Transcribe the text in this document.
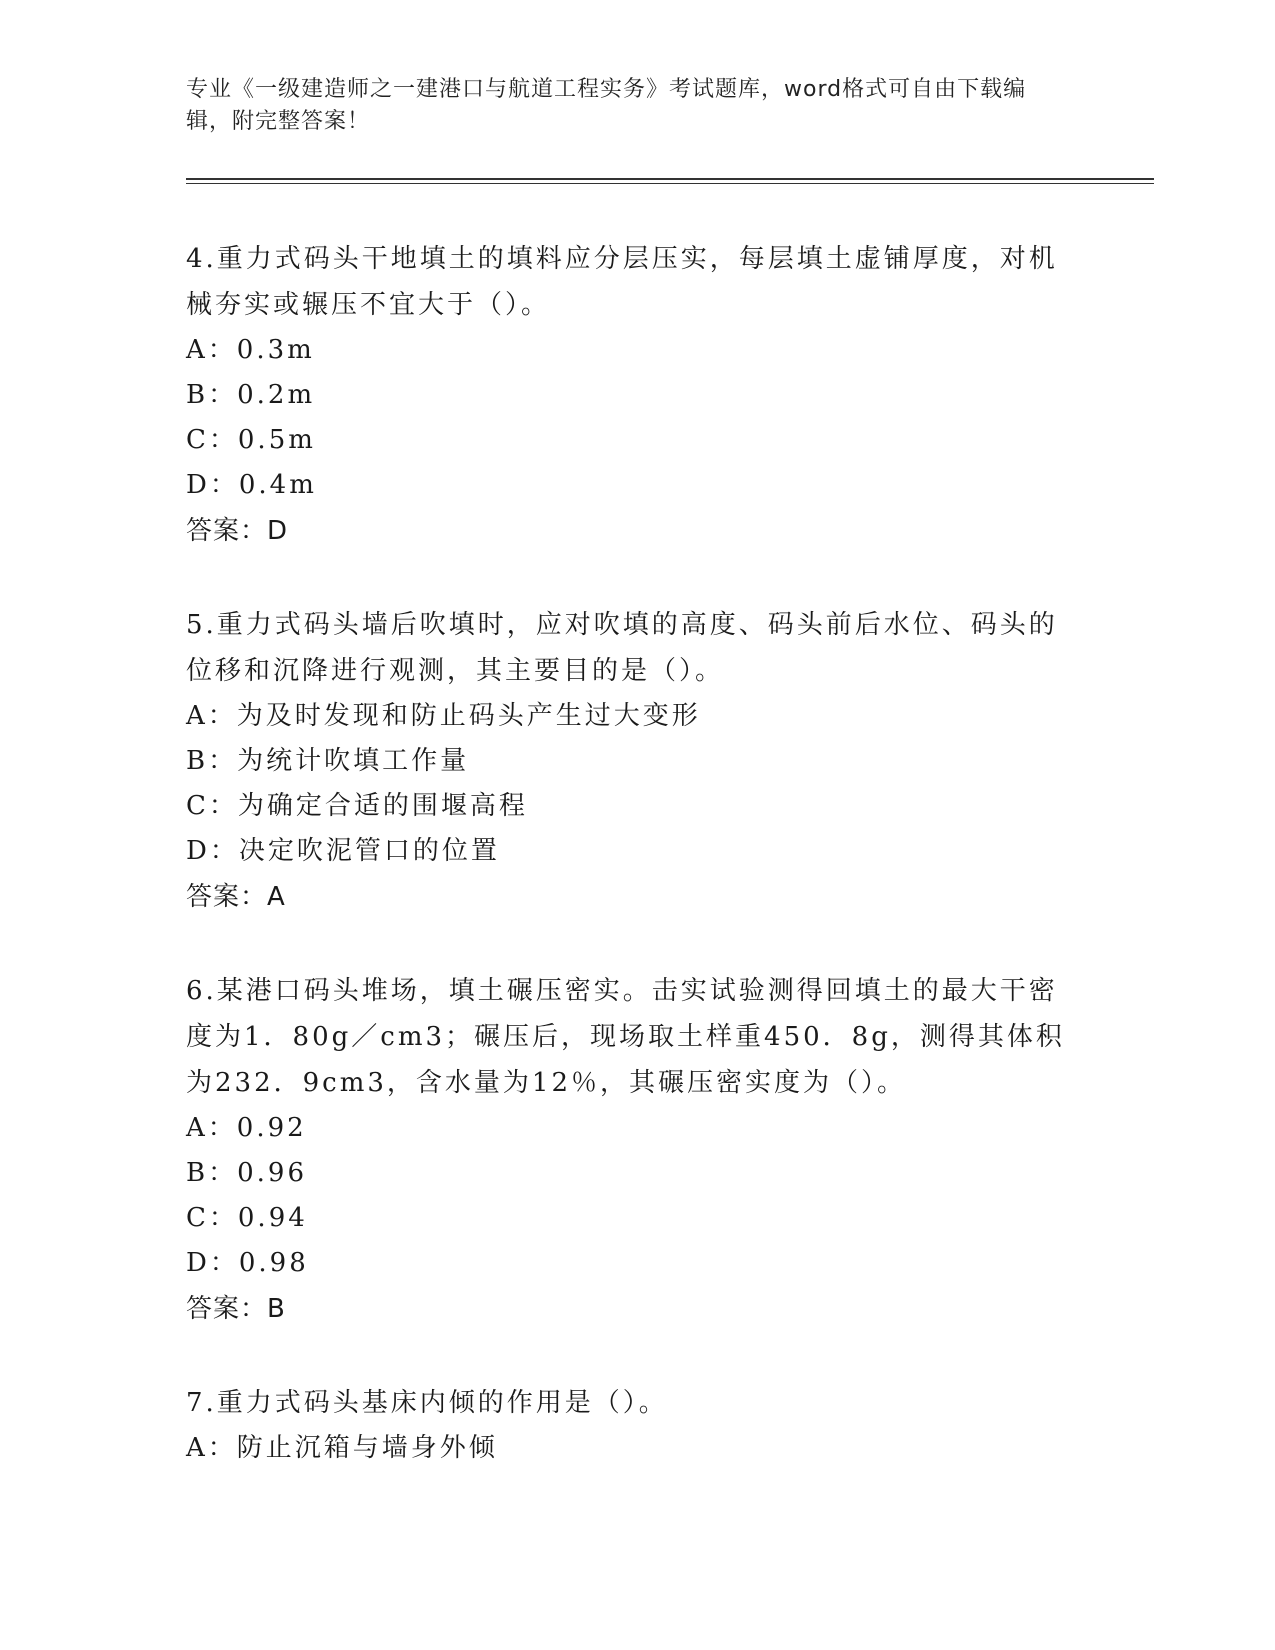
专业《一级建造师之一建港口与航道工程实务》考试题库，word格式可自由下载编辑，附完整答案！
4.重力式码头干地填土的填料应分层压实，每层填土虚铺厚度，对机械夯实或辗压不宜大于（）。
A：0.3m
B：0.2m
C：0.5m
D：0.4m
答案：D
5.重力式码头墙后吹填时，应对吹填的高度、码头前后水位、码头的位移和沉降进行观测，其主要目的是（）。
A：为及时发现和防止码头产生过大变形
B：为统计吹填工作量
C：为确定合适的围堰高程
D：决定吹泥管口的位置
答案：A
6.某港口码头堆场，填土碾压密实。击实试验测得回填土的最大干密度为1．80g／cm3；碾压后，现场取土样重450．8g，测得其体积为232．9cm3，含水量为12％，其碾压密实度为（）。
A：0.92
B：0.96
C：0.94
D：0.98
答案：B
7.重力式码头基床内倾的作用是（）。
A：防止沉箱与墙身外倾
